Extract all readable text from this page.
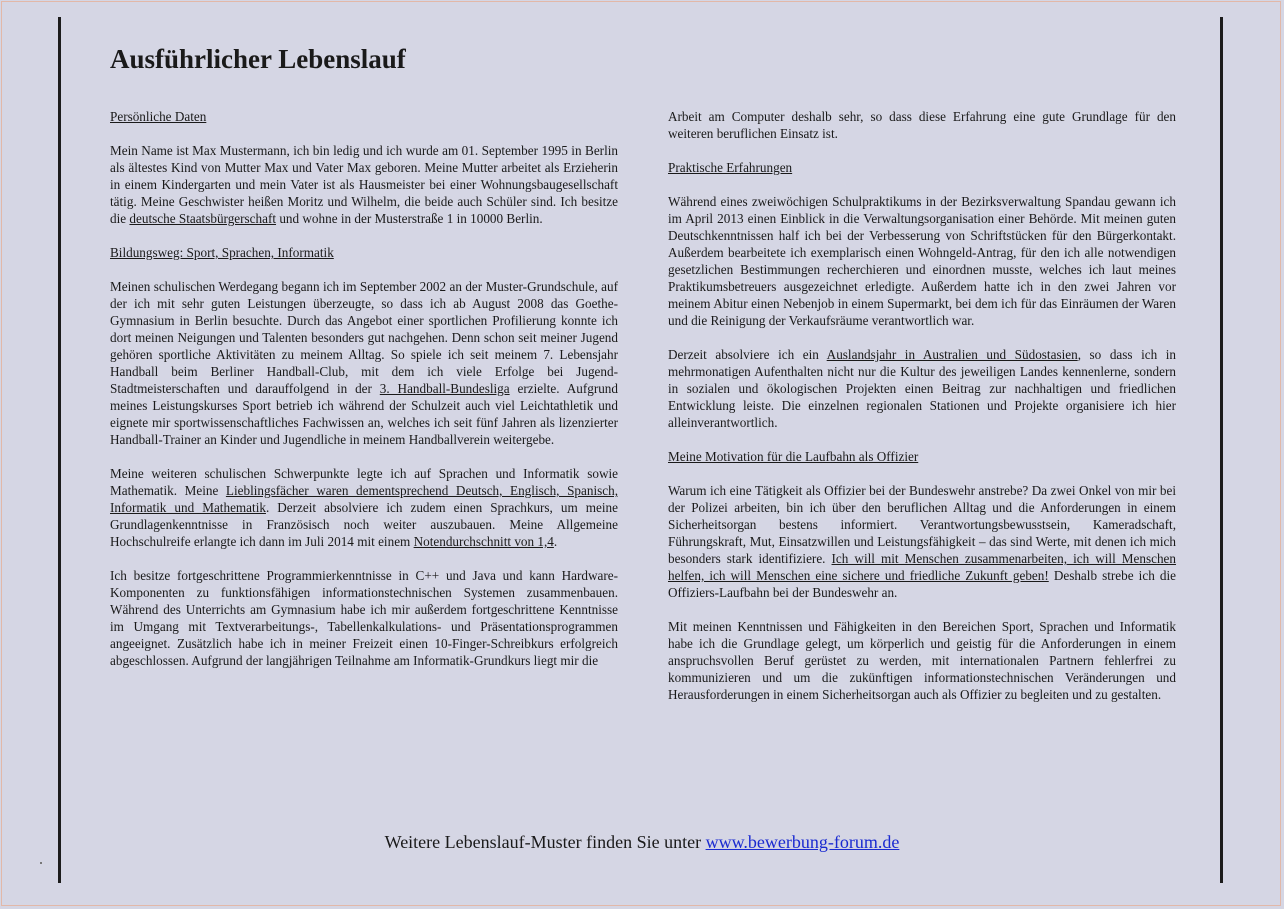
Ausführlicher Lebenslauf
Persönliche Daten

Mein Name ist Max Mustermann, ich bin ledig und ich wurde am 01. September 1995 in Berlin als ältestes Kind von Mutter Max und Vater Max geboren. Meine Mutter arbeitet als Erzieherin in einem Kindergarten und mein Vater ist als Hausmeister bei einer Wohnungsbaugesellschaft tätig. Meine Geschwister heißen Moritz und Wilhelm, die beide auch Schüler sind. Ich besitze die deutsche Staatsbürgerschaft und wohne in der Musterstraße 1 in 10000 Berlin.

Bildungsweg: Sport, Sprachen, Informatik

Meinen schulischen Werdegang begann ich im September 2002 an der Muster-Grundschule, auf der ich mit sehr guten Leistungen überzeugte, so dass ich ab August 2008 das Goethe-Gymnasium in Berlin besuchte. Durch das Angebot einer sportlichen Profilierung konnte ich dort meinen Neigungen und Talenten besonders gut nachgehen. Denn schon seit meiner Jugend gehören sportliche Aktivitäten zu meinem Alltag. So spiele ich seit meinem 7. Lebensjahr Handball beim Berliner Handball-Club, mit dem ich viele Erfolge bei Jugend-Stadtmeisterschaften und darauffolgend in der 3. Handball-Bundesliga erzielte. Aufgrund meines Leistungskurses Sport betrieb ich während der Schulzeit auch viel Leichtathletik und eignete mir sportwissenschaftliches Fachwissen an, welches ich seit fünf Jahren als lizenzierter Handball-Trainer an Kinder und Jugendliche in meinem Handballverein weitergebe.

Meine weiteren schulischen Schwerpunkte legte ich auf Sprachen und Informatik sowie Mathematik. Meine Lieblingsfächer waren dementsprechend Deutsch, Englisch, Spanisch, Informatik und Mathematik. Derzeit absolviere ich zudem einen Sprachkurs, um meine Grundlagenkenntnisse in Französisch noch weiter auszubauen. Meine Allgemeine Hochschulreife erlangte ich dann im Juli 2014 mit einem Notendurchschnitt von 1,4.

Ich besitze fortgeschrittene Programmierkenntnisse in C++ und Java und kann Hardware-Komponenten zu funktionsfähigen informationstechnischen Systemen zusammenbauen. Während des Unterrichts am Gymnasium habe ich mir außerdem fortgeschrittene Kenntnisse im Umgang mit Textverarbeitungs-, Tabellenkalkulations- und Präsentationsprogrammen angeeignet. Zusätzlich habe ich in meiner Freizeit einen 10-Finger-Schreibkurs erfolgreich abgeschlossen. Aufgrund der langjährigen Teilnahme am Informatik-Grundkurs liegt mir die

Arbeit am Computer deshalb sehr, so dass diese Erfahrung eine gute Grundlage für den weiteren beruflichen Einsatz ist.

Praktische Erfahrungen

Während eines zweiwöchigen Schulpraktikums in der Bezirksverwaltung Spandau gewann ich im April 2013 einen Einblick in die Verwaltungsorganisation einer Behörde. Mit meinen guten Deutschkenntnissen half ich bei der Verbesserung von Schriftstücken für den Bürgerkontakt. Außerdem bearbeitete ich exemplarisch einen Wohngeld-Antrag, für den ich alle notwendigen gesetzlichen Bestimmungen recherchieren und einordnen musste, welches ich laut meines Praktikumsbetreuers ausgezeichnet erledigte. Außerdem hatte ich in den zwei Jahren vor meinem Abitur einen Nebenjob in einem Supermarkt, bei dem ich für das Einräumen der Waren und die Reinigung der Verkaufsräume verantwortlich war.

Derzeit absolviere ich ein Auslandsjahr in Australien und Südostasien, so dass ich in mehrmonatigen Aufenthalten nicht nur die Kultur des jeweiligen Landes kennenlerne, sondern in sozialen und ökologischen Projekten einen Beitrag zur nachhaltigen und friedlichen Entwicklung leiste. Die einzelnen regionalen Stationen und Projekte organisiere ich hier alleinverantwortlich.

Meine Motivation für die Laufbahn als Offizier

Warum ich eine Tätigkeit als Offizier bei der Bundeswehr anstrebe? Da zwei Onkel von mir bei der Polizei arbeiten, bin ich über den beruflichen Alltag und die Anforderungen in einem Sicherheitsorgan bestens informiert. Verantwortungsbewusstsein, Kameradschaft, Führungskraft, Mut, Einsatzwillen und Leistungsfähigkeit – das sind Werte, mit denen ich mich besonders stark identifiziere. Ich will mit Menschen zusammenarbeiten, ich will Menschen helfen, ich will Menschen eine sichere und friedliche Zukunft geben! Deshalb strebe ich die Offiziers-Laufbahn bei der Bundeswehr an.

Mit meinen Kenntnissen und Fähigkeiten in den Bereichen Sport, Sprachen und Informatik habe ich die Grundlage gelegt, um körperlich und geistig für die Anforderungen in einem anspruchsvollen Beruf gerüstet zu werden, mit internationalen Partnern fehlerfrei zu kommunizieren und um die zukünftigen informationstechnischen Veränderungen und Herausforderungen in einem Sicherheitsorgan auch als Offizier zu begleiten und zu gestalten.

Weitere Lebenslauf-Muster finden Sie unter www.bewerbung-forum.de
